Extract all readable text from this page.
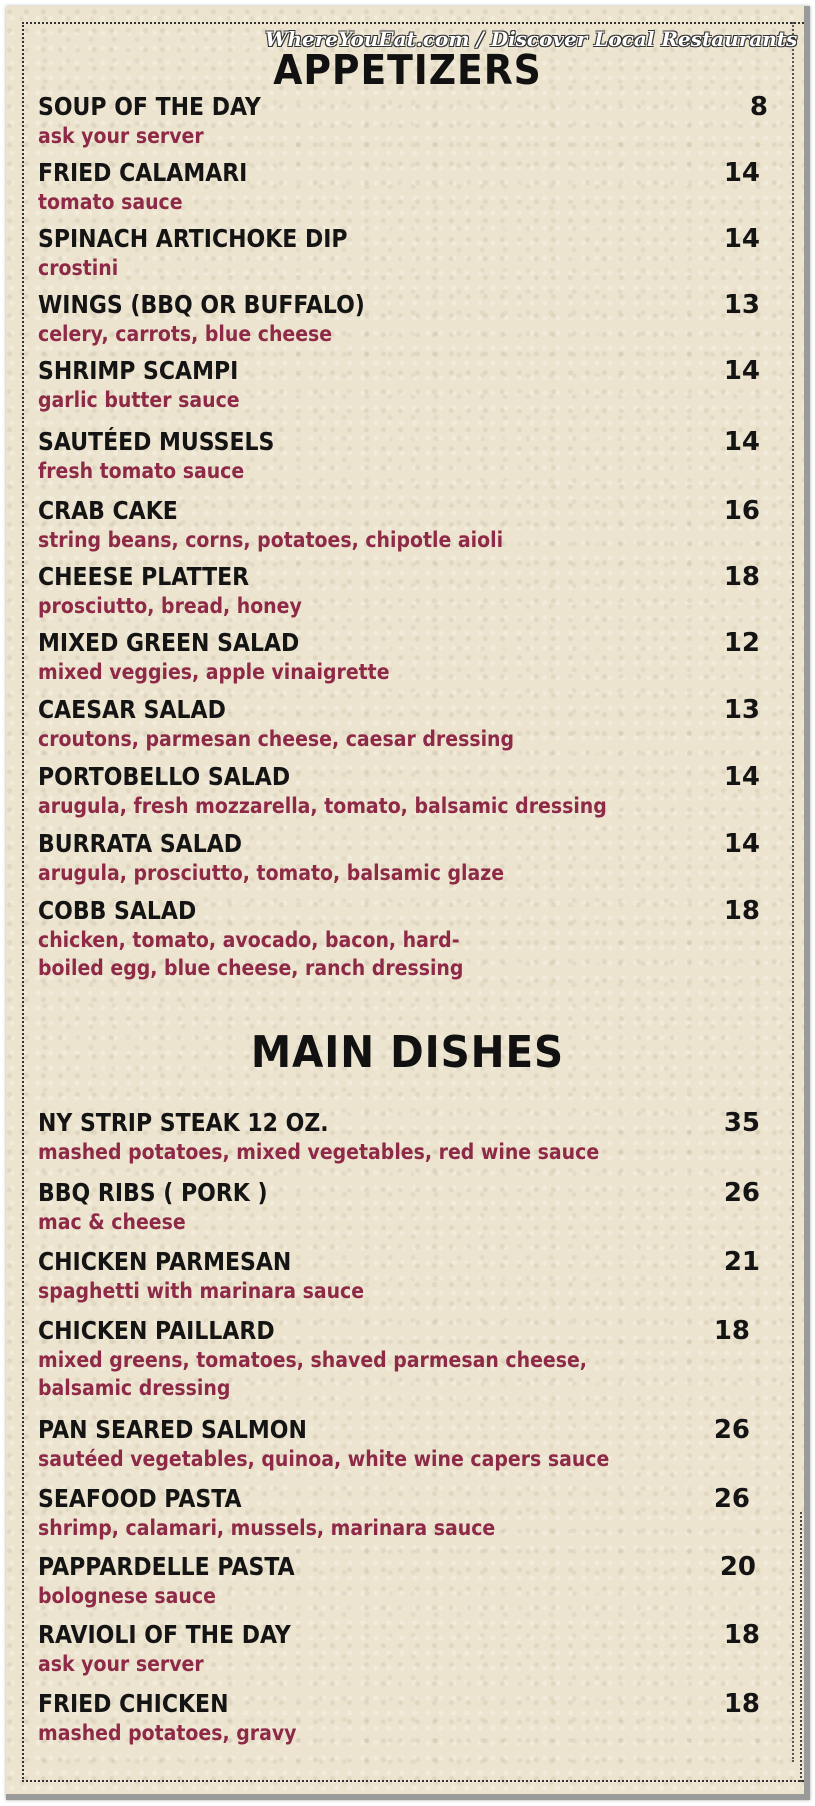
WhereYouEat.com / Discover Local Restaurants
APPETIZERS
MAIN DISHES
SOUP OF THE DAY
ask your server
8
FRIED CALAMARI
tomato sauce
14
SPINACH ARTICHOKE DIP
crostini
14
WINGS (BBQ OR BUFFALO)
celery, carrots, blue cheese
13
SHRIMP SCAMPI
garlic butter sauce
14
SAUTÉED MUSSELS
fresh tomato sauce
14
CRAB CAKE
string beans, corns, potatoes, chipotle aioli
16
CHEESE PLATTER
prosciutto, bread, honey
18
MIXED GREEN SALAD
mixed veggies, apple vinaigrette
12
CAESAR SALAD
croutons, parmesan cheese, caesar dressing
13
PORTOBELLO SALAD
arugula, fresh mozzarella, tomato, balsamic dressing
14
BURRATA SALAD
arugula, prosciutto, tomato, balsamic glaze
14
COBB SALAD
chicken, tomato, avocado, bacon, hard-boiled egg, blue cheese, ranch dressing
18
NY STRIP STEAK 12 OZ.
mashed potatoes, mixed vegetables, red wine sauce
35
BBQ RIBS ( PORK )
mac & cheese
26
CHICKEN PARMESAN
spaghetti with marinara sauce
21
CHICKEN PAILLARD
mixed greens, tomatoes, shaved parmesan cheese, balsamic dressing
18
PAN SEARED SALMON
sautéed vegetables, quinoa, white wine capers sauce
26
SEAFOOD PASTA
shrimp, calamari, mussels, marinara sauce
26
PAPPARDELLE PASTA
bolognese sauce
20
RAVIOLI OF THE DAY
ask your server
18
FRIED CHICKEN
mashed potatoes, gravy
18
